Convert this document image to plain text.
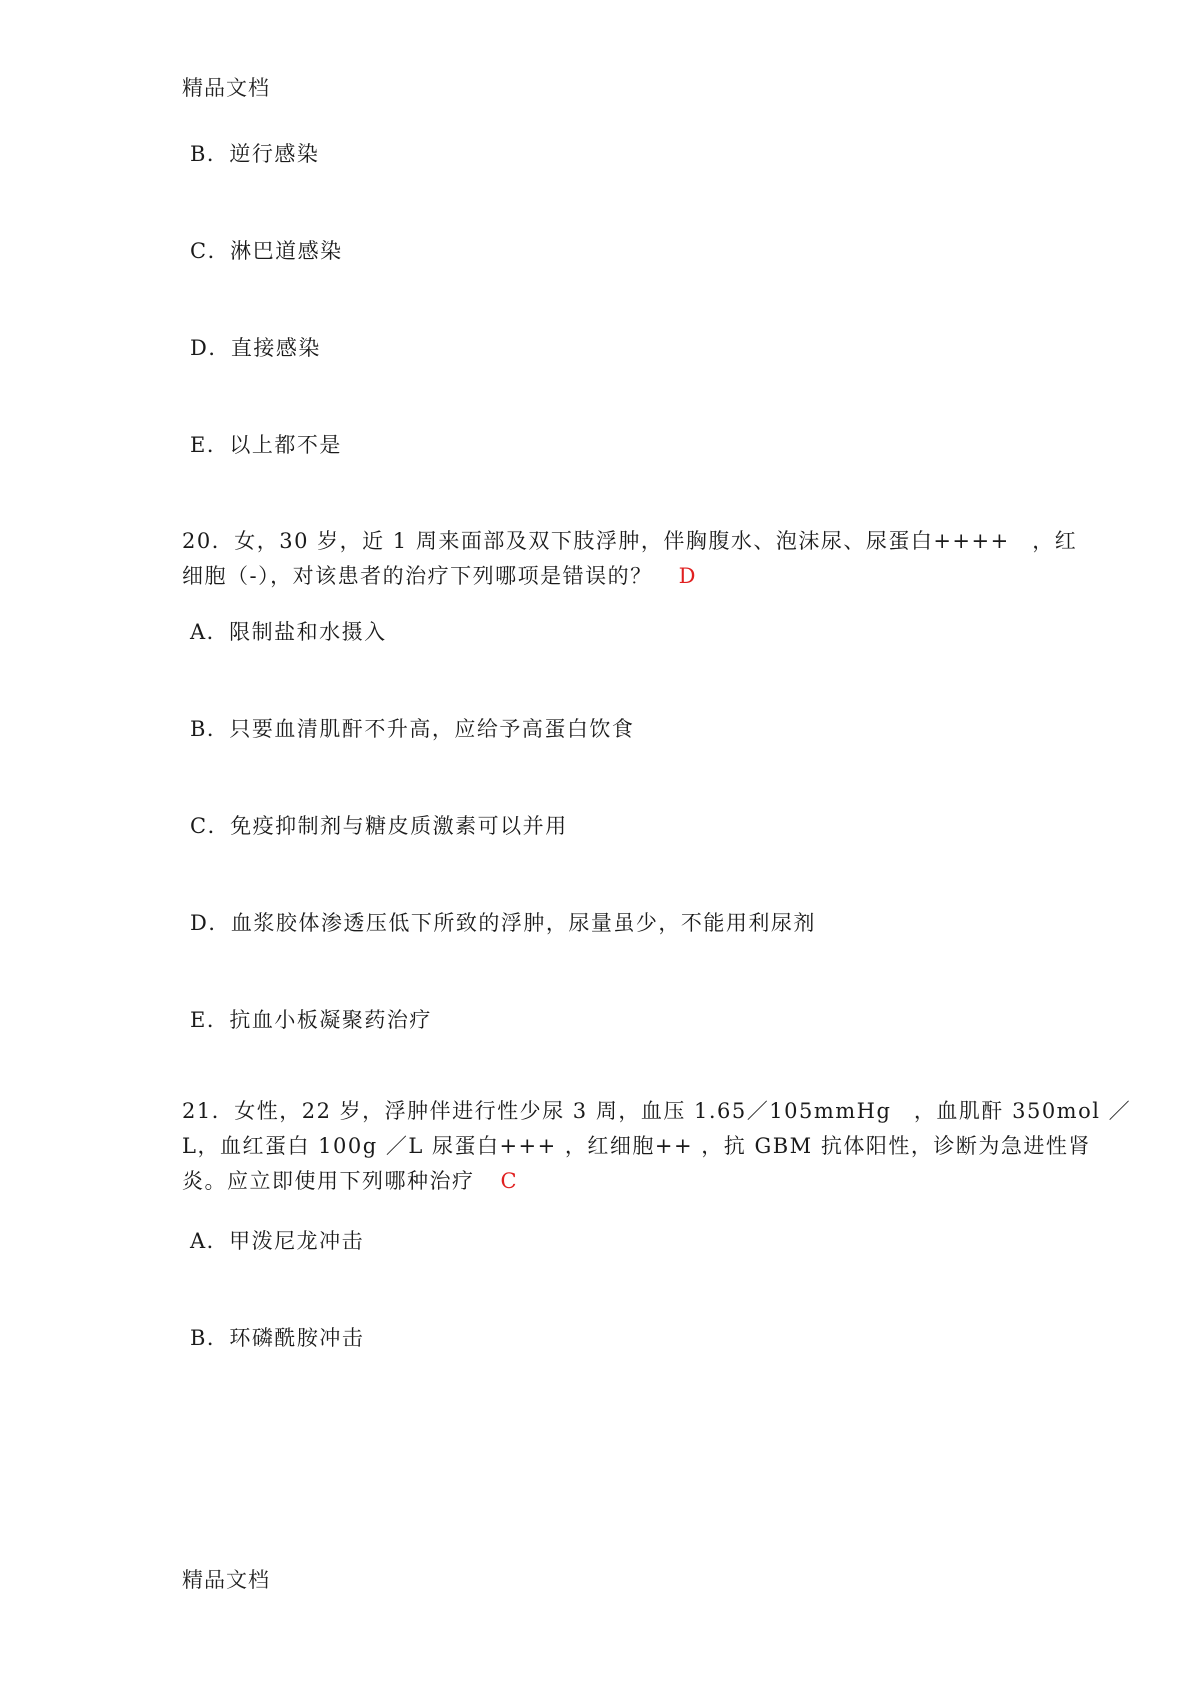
精品文档
B．逆行感染
C．淋巴道感染
D．直接感染
E．以上都不是
20．女，30 岁，近 1 周来面部及双下肢浮肿，伴胸腹水、泡沫尿、尿蛋白++++　，红
细胞（-），对该患者的治疗下列哪项是错误的？ D
A．限制盐和水摄入
B．只要血清肌酐不升高，应给予高蛋白饮食
C．免疫抑制剂与糖皮质激素可以并用
D．血浆胶体渗透压低下所致的浮肿，尿量虽少，不能用利尿剂
E．抗血小板凝聚药治疗
21．女性，22 岁，浮肿伴进行性少尿 3 周，血压 1.65／105mmHg　，血肌酐 350mol ／
L，血红蛋白 100g ／L 尿蛋白+++ ，红细胞++ ，抗 GBM 抗体阳性，诊断为急进性肾
炎。应立即使用下列哪种治疗 C
A．甲泼尼龙冲击
B．环磷酰胺冲击
精品文档
